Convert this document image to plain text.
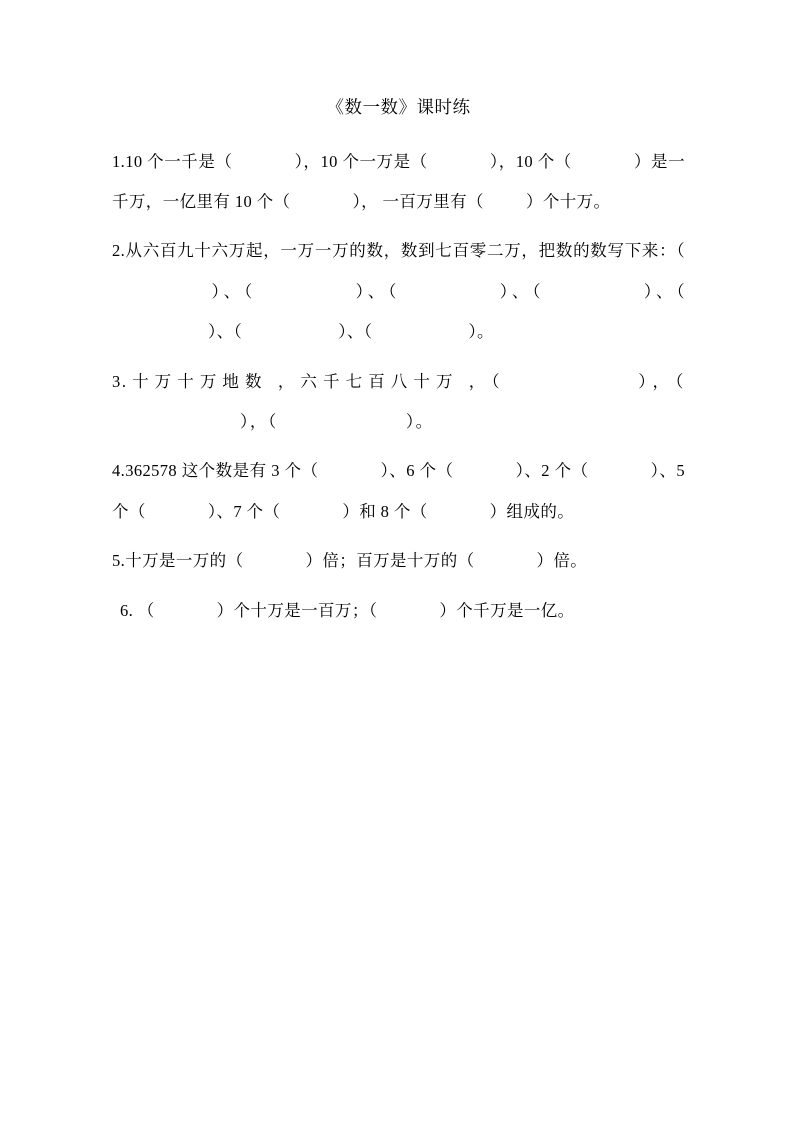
《数一数》课时练

1.10 个一千是（	），10 个一万是（	），10 个（	）是一千万，一亿里有 10 个（	）， 一百万里有（	）个十万。

2.从六百九十六万起，一万一万的数，数到七百零二万，把数的数写下来：（）、（	）、（	）、（	）、（）、（	）、（	）。

3.十万十万地数 ，六千七百八十万 ，（	），（），（	）。

4.362578 这个数是有 3 个（	）、6 个（	）、2 个（	）、5 个（	）、7 个（	）和 8 个（	）组成的。

5.十万是一万的（	）倍；百万是十万的（	）倍。

6. （	）个十万是一百万；（	）个千万是一亿。
